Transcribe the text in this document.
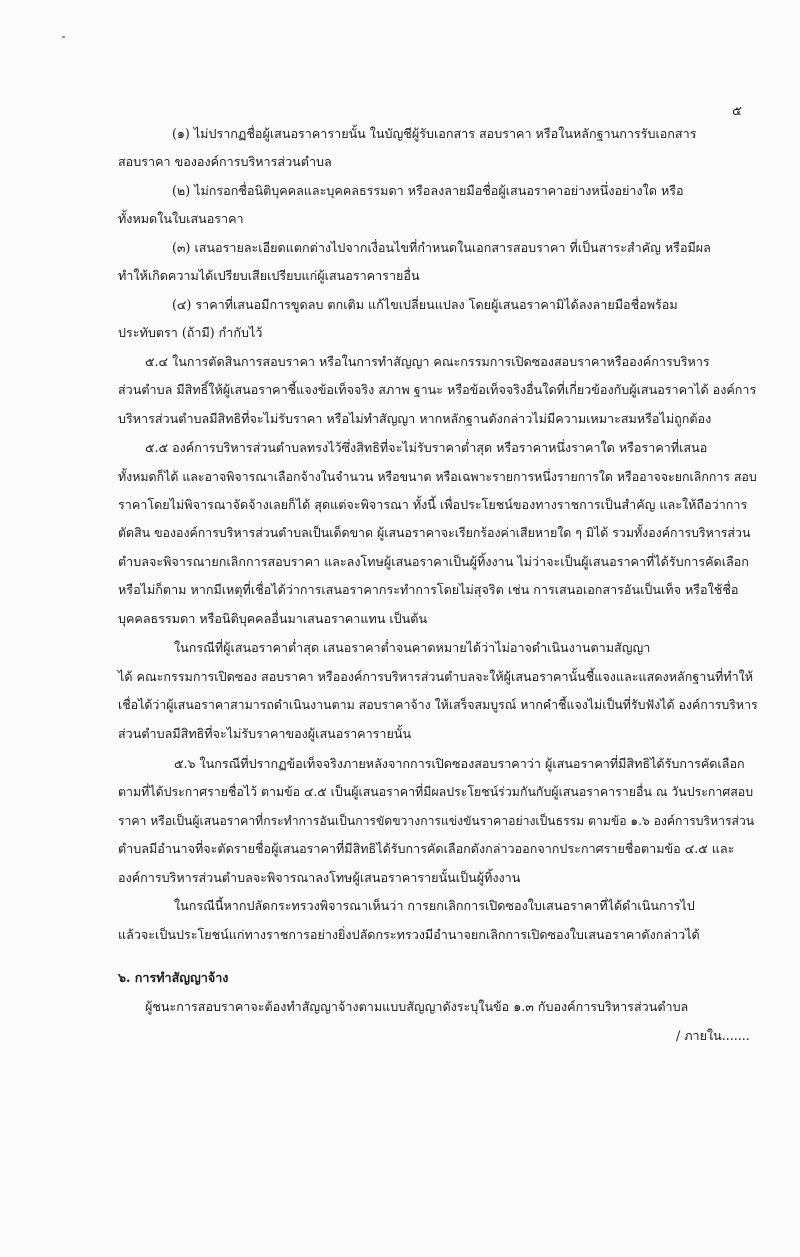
๕
(๑) ไม่ปรากฏชื่อผู้เสนอราคารายนั้น ในบัญชีผู้รับเอกสาร สอบราคา หรือในหลักฐานการรับเอกสาร
สอบราคา ขององค์การบริหารส่วนตำบล
(๒) ไม่กรอกชื่อนิติบุคคลและบุคคลธรรมดา หรือลงลายมือชื่อผู้เสนอราคาอย่างหนึ่งอย่างใด หรือ
ทั้งหมดในใบเสนอราคา
(๓) เสนอรายละเอียดแตกต่างไปจากเงื่อนไขที่กำหนดในเอกสารสอบราคา ที่เป็นสาระสำคัญ หรือมีผล
ทำให้เกิดความได้เปรียบเสียเปรียบแก่ผู้เสนอราคารายอื่น
(๔) ราคาที่เสนอมีการขูดลบ ตกเติม แก้ไขเปลี่ยนแปลง โดยผู้เสนอราคามิได้ลงลายมือชื่อพร้อม
ประทับตรา (ถ้ามี) กำกับไว้
๕.๔ ในการตัดสินการสอบราคา หรือในการทำสัญญา คณะกรรมการเปิดซองสอบราคาหรือองค์การบริหาร
ส่วนตำบล มีสิทธิ์ให้ผู้เสนอราคาชี้แจงข้อเท็จจริง สภาพ ฐานะ หรือข้อเท็จจริงอื่นใดที่เกี่ยวข้องกับผู้เสนอราคาได้ องค์การ
บริหารส่วนตำบลมีสิทธิที่จะไม่รับราคา หรือไม่ทำสัญญา หากหลักฐานดังกล่าวไม่มีความเหมาะสมหรือไม่ถูกต้อง
๕.๕ องค์การบริหารส่วนตำบลทรงไว้ซึ่งสิทธิที่จะไม่รับราคาต่ำสุด หรือราคาหนึ่งราคาใด หรือราคาที่เสนอ
ทั้งหมดก็ได้ และอาจพิจารณาเลือกจ้างในจำนวน หรือขนาด หรือเฉพาะรายการหนึ่งรายการใด หรืออาจจะยกเลิกการ สอบ
ราคาโดยไม่พิจารณาจัดจ้างเลยก็ได้ สุดแต่จะพิจารณา ทั้งนี้ เพื่อประโยชน์ของทางราชการเป็นสำคัญ และให้ถือว่าการ
ตัดสิน ขององค์การบริหารส่วนตำบลเป็นเด็ดขาด ผู้เสนอราคาจะเรียกร้องค่าเสียหายใด ๆ มิได้ รวมทั้งองค์การบริหารส่วน
ตำบลจะพิจารณายกเลิกการสอบราคา และลงโทษผู้เสนอราคาเป็นผู้ทิ้งงาน ไม่ว่าจะเป็นผู้เสนอราคาที่ได้รับการคัดเลือก
หรือไม่ก็ตาม หากมีเหตุที่เชื่อได้ว่าการเสนอราคากระทำการโดยไม่สุจริต เช่น การเสนอเอกสารอันเป็นเท็จ หรือใช้ชื่อ
บุคคลธรรมดา หรือนิติบุคคลอื่นมาเสนอราคาแทน เป็นต้น
ในกรณีที่ผู้เสนอราคาต่ำสุด เสนอราคาต่ำจนคาดหมายได้ว่าไม่อาจดำเนินงานตามสัญญา
ได้ คณะกรรมการเปิดซอง สอบราคา หรือองค์การบริหารส่วนตำบลจะให้ผู้เสนอราคานั้นชี้แจงและแสดงหลักฐานที่ทำให้
เชื่อได้ว่าผู้เสนอราคาสามารถดำเนินงานตาม สอบราคาจ้าง ให้เสร็จสมบูรณ์ หากคำชี้แจงไม่เป็นที่รับฟังได้ องค์การบริหาร
ส่วนตำบลมีสิทธิที่จะไม่รับราคาของผู้เสนอราคารายนั้น
๕.๖ ในกรณีที่ปรากฏข้อเท็จจริงภายหลังจากการเปิดซองสอบราคาว่า ผู้เสนอราคาที่มีสิทธิได้รับการคัดเลือก
ตามที่ได้ประกาศรายชื่อไว้ ตามข้อ ๔.๕ เป็นผู้เสนอราคาที่มีผลประโยชน์ร่วมกันกับผู้เสนอราคารายอื่น ณ วันประกาศสอบ
ราคา หรือเป็นผู้เสนอราคาที่กระทำการอันเป็นการขัดขวางการแข่งขันราคาอย่างเป็นธรรม ตามข้อ ๑.๖ องค์การบริหารส่วน
ตำบลมีอำนาจที่จะตัดรายชื่อผู้เสนอราคาที่มีสิทธิได้รับการคัดเลือกดังกล่าวออกจากประกาศรายชื่อตามข้อ ๔.๕ และ
องค์การบริหารส่วนตำบลจะพิจารณาลงโทษผู้เสนอราคารายนั้นเป็นผู้ทิ้งงาน
ในกรณีนี้หากปลัดกระทรวงพิจารณาเห็นว่า การยกเลิกการเปิดซองใบเสนอราคาที่ได้ดำเนินการไป
แล้วจะเป็นประโยชน์แก่ทางราชการอย่างยิ่งปลัดกระทรวงมีอำนาจยกเลิกการเปิดซองใบเสนอราคาดังกล่าวได้
๖. การทำสัญญาจ้าง
ผู้ชนะการสอบราคาจะต้องทำสัญญาจ้างตามแบบสัญญาดังระบุในข้อ ๑.๓ กับองค์การบริหารส่วนตำบล
/ ภายใน.......
